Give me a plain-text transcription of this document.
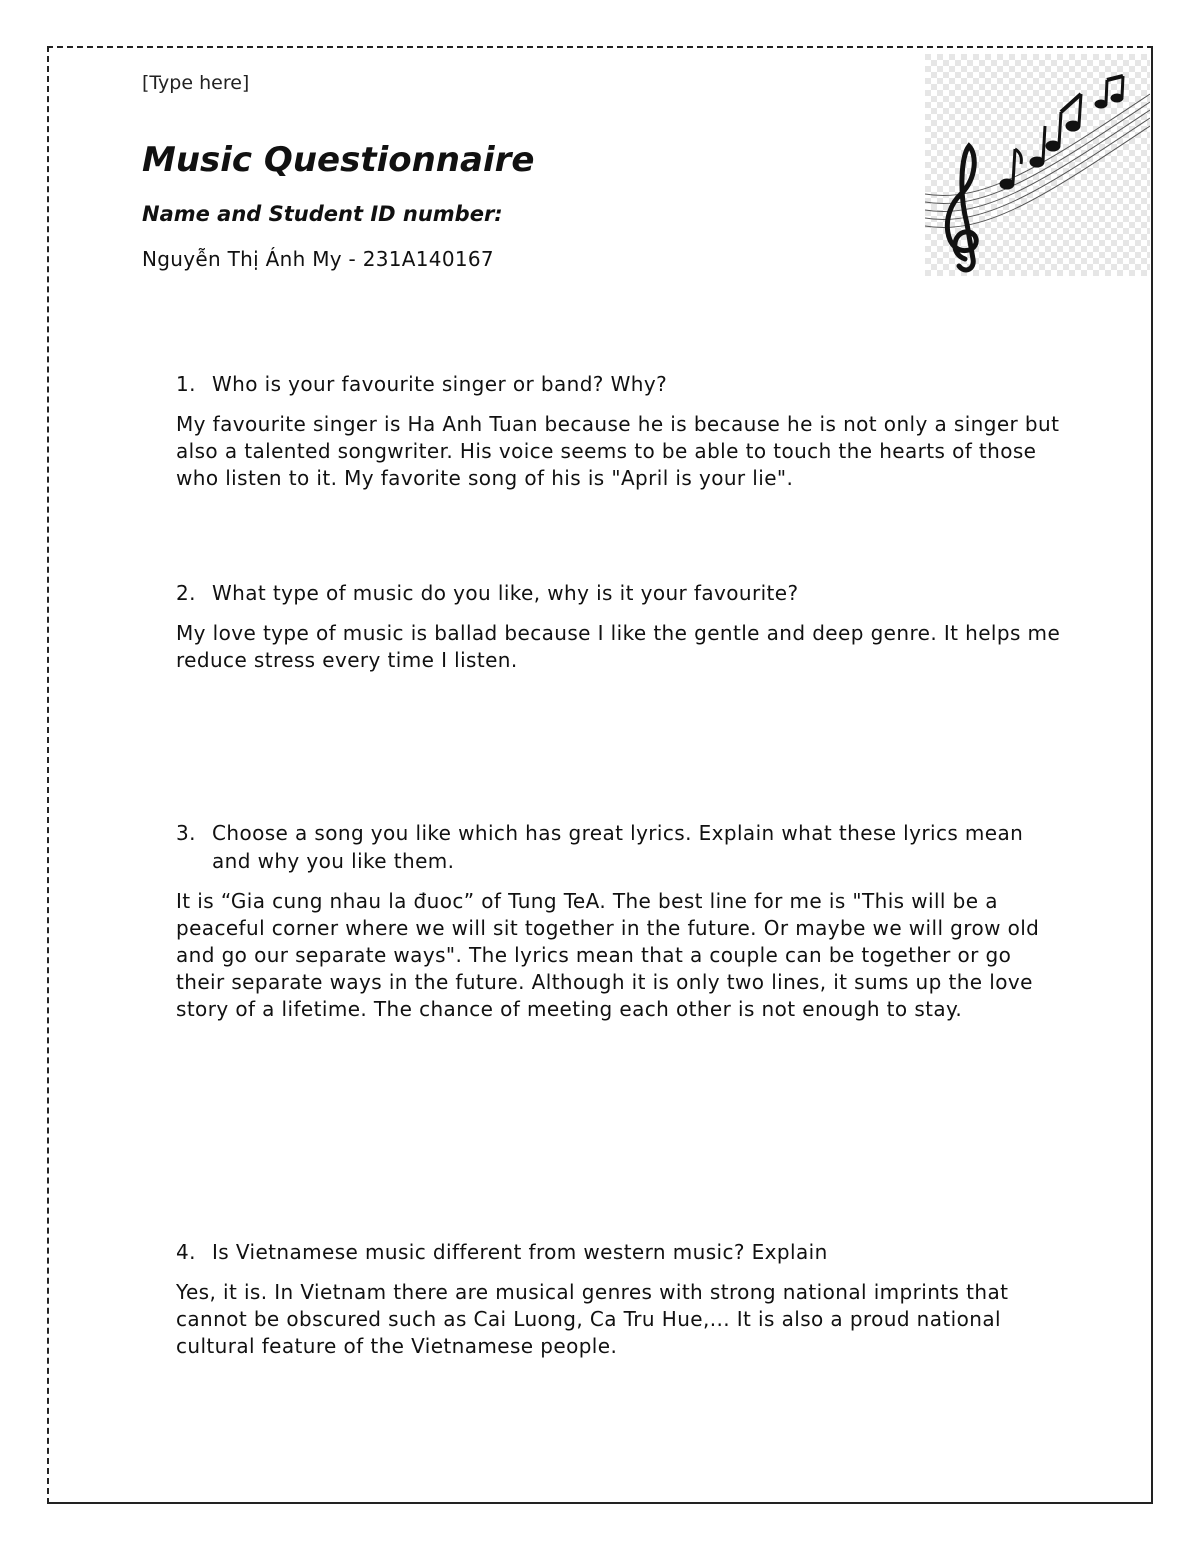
[Type here]
Music Questionnaire
Name and Student ID number:
Nguyễn Thị Ánh My - 231A140167
1. Who is your favourite singer or band? Why?
My favourite singer is Ha Anh Tuan because he is because he is not only a singer but also a talented songwriter. His voice seems to be able to touch the hearts of those who listen to it. My favorite song of his is "April is your lie".
2. What type of music do you like, why is it your favourite?
My love type of music is ballad because I like the gentle and deep genre. It helps me reduce stress every time I listen.
3. Choose a song you like which has great lyrics. Explain what these lyrics mean and why you like them.
It is “Gia cung nhau la đuoc” of Tung TeA. The best line for me is "This will be a peaceful corner where we will sit together in the future. Or maybe we will grow old and go our separate ways". The lyrics mean that a couple can be together or go their separate ways in the future. Although it is only two lines, it sums up the love story of a lifetime. The chance of meeting each other is not enough to stay.
4. Is Vietnamese music different from western music? Explain
Yes, it is. In Vietnam there are musical genres with strong national imprints that cannot be obscured such as Cai Luong, Ca Tru Hue,... It is also a proud national cultural feature of the Vietnamese people.
